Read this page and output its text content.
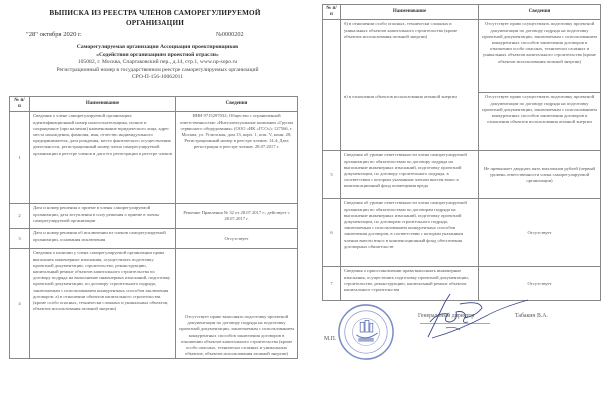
ВЫПИСКА ИЗ РЕЕСТРА ЧЛЕНОВ САМОРЕГУЛИРУЕМОЙ ОРГАНИЗАЦИИ
"28" октября 2020 г.	№0000202
Саморегулируемая организация Ассоциация проектировщиков
«Содействия организациям проектной отрасли»
105082, г. Москва, Спартаковский пер., д.14, стр.1, www.np-sopo.ru
Регистрационный номер в государственном реестре саморегулируемых организаций
СРО-П-156-10062011
№ п/п	Наименование	Сведения
1	Сведения о члене саморегулируемой организации: идентификационный номер налогоплательщика, полное и сокращенное (при наличии) наименование юридического лица, адрес места нахождения, фамилия, имя, отчество индивидуального предпринимателя, дата рождения, место фактического осуществления деятельности, регистрационный номер члена саморегулируемой организации в реестре членов и дата его регистрации в реестре членов	ИНН 9715297032; Общество с ограниченной ответственностью «Интеллектуальные компании «Группа сервисного оборудования» (ООО «ИК «ГСО»); 127566, г. Москва, ул. Угличская, дом 13, корп. 1, пом. V, комн. 28; Регистрационный номер в реестре членов: 14.4; Дата регистрации в реестре членов: 28.07.2017 г.
2	Дата и номер решения о приеме в члены саморегулируемой организации, дата вступления в силу решения о приеме в члены саморегулируемой организации	Решение Правления № 32 от 28.07.2017 г.; действует с 28.07.2017 г.
3	Дата и номер решения об исключении из членов саморегулируемой организации, основания исключения	Отсутствует
4	Сведения о наличии у члена саморегулируемой организации права выполнять инженерные изыскания, осуществлять подготовку проектной документации, строительство, реконструкцию, капитальный ремонт объектов капитального строительства по договору подряда на выполнение инженерных изысканий, подготовку проектной документации, по договору строительного подряда, заключаемым с использованием конкурентных способов заключения договоров: а) в отношении объектов капитального строительства (кроме особо опасных, технически сложных и уникальных объектов, объектов использования атомной энергии)	Отсутствует право выполнять подготовку проектной документации по договору подряда на подготовку проектной документации, заключаемым с использованием конкурентных способов заключения договоров в отношении объектов капитального строительства (кроме особо опасных, технически сложных и уникальных объектов, объектов использования атомной энергии)
№ п/п	Наименование	Сведения
	б) в отношении особо опасных, технически сложных и уникальных объектов капитального строительства (кроме объектов использования атомной энергии)	Отсутствует право осуществлять подготовку проектной документации по договору подряда на подготовку проектной документации, заключаемым с использованием конкурентных способов заключения договоров в отношении особо опасных, технически сложных и уникальных объектов капитального строительства (кроме объектов использования атомной энергии)
	в) в отношении объектов использования атомной энергии	Отсутствует право осуществлять подготовку проектной документации по договору подряда на подготовку проектной документации, заключаемым с использованием конкурентных способов заключения договоров в отношении объектов использования атомной энергии
5	Сведения об уровне ответственности члена саморегулируемой организации по обязательствам по договору подряда на выполнение инженерных изысканий, подготовку проектной документации, по договору строительного подряда, в соответствии с которым указанным членом внесен взнос в компенсационный фонд возмещения вреда	Не превышает двадцать пять миллионов рублей (первый уровень ответственности члена саморегулируемой организации)
6	Сведения об уровне ответственности члена саморегулируемой организации по обязательствам по договорам подряда на выполнение инженерных изысканий, подготовку проектной документации, по договорам строительного подряда, заключаемым с использованием конкурентных способов заключения договоров, в соответствии с которым указанным членом внесен взнос в компенсационный фонд обеспечения договорных обязательств	Отсутствует
7	Сведения о приостановлении права выполнять инженерные изыскания, осуществлять подготовку проектной документации, строительство, реконструкцию, капитальный ремонт объектов капитального строительства	Отсутствует
Генеральный директор	Табакин В.А.
М.П.
